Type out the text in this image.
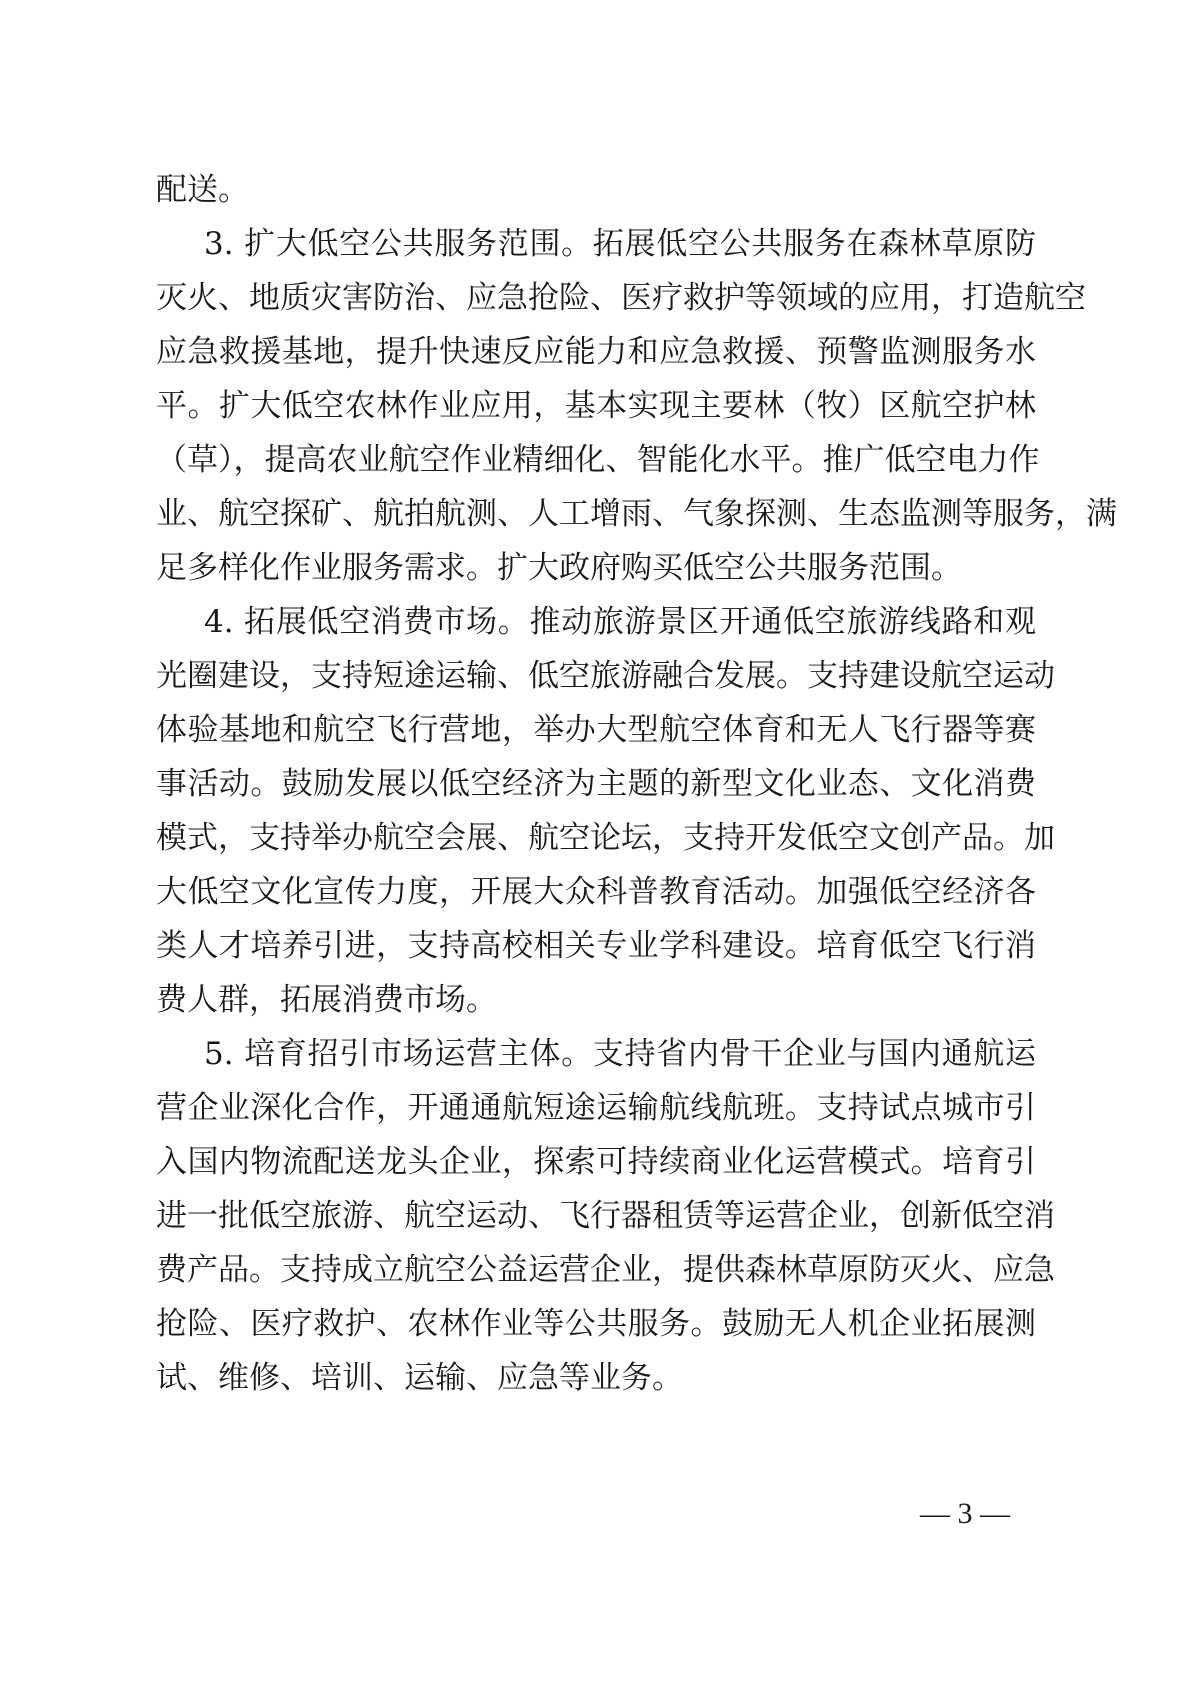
配送。
3. 扩大低空公共服务范围。拓展低空公共服务在森林草原防
灭火、地质灾害防治、应急抢险、医疗救护等领域的应用，打造航空
应急救援基地，提升快速反应能力和应急救援、预警监测服务水
平。扩大低空农林作业应用，基本实现主要林（牧）区航空护林
（草），提高农业航空作业精细化、智能化水平。推广低空电力作
业、航空探矿、航拍航测、人工增雨、气象探测、生态监测等服务，满
足多样化作业服务需求。扩大政府购买低空公共服务范围。
4. 拓展低空消费市场。推动旅游景区开通低空旅游线路和观
光圈建设，支持短途运输、低空旅游融合发展。支持建设航空运动
体验基地和航空飞行营地，举办大型航空体育和无人飞行器等赛
事活动。鼓励发展以低空经济为主题的新型文化业态、文化消费
模式，支持举办航空会展、航空论坛，支持开发低空文创产品。加
大低空文化宣传力度，开展大众科普教育活动。加强低空经济各
类人才培养引进，支持高校相关专业学科建设。培育低空飞行消
费人群，拓展消费市场。
5. 培育招引市场运营主体。支持省内骨干企业与国内通航运
营企业深化合作，开通通航短途运输航线航班。支持试点城市引
入国内物流配送龙头企业，探索可持续商业化运营模式。培育引
进一批低空旅游、航空运动、飞行器租赁等运营企业，创新低空消
费产品。支持成立航空公益运营企业，提供森林草原防灭火、应急
抢险、医疗救护、农林作业等公共服务。鼓励无人机企业拓展测
试、维修、培训、运输、应急等业务。
— 3 —
